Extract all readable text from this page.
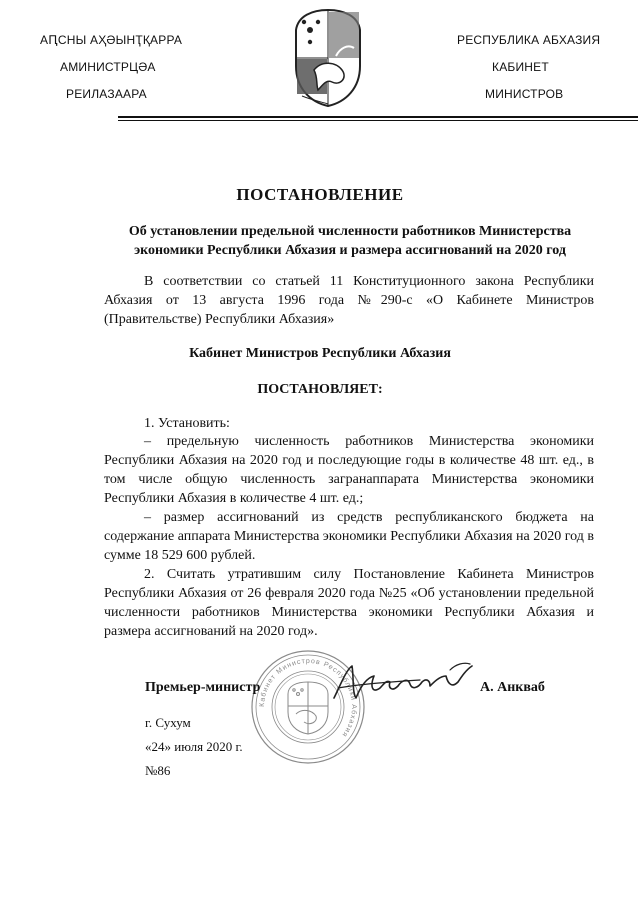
АԤСНЫ АҲӘЫНҬҚАРРА
АМИНИСТРЦӘА
РЕИЛАЗААРА
РЕСПУБЛИКА АБХАЗИЯ
КАБИНЕТ
МИНИСТРОВ
ПОСТАНОВЛЕНИЕ
Об установлении предельной численности работников Министерства
экономики Республики Абхазия и размера ассигнований на 2020 год
В соответствии со статьей 11 Конституционного закона Республики Абхазия от 13 августа 1996 года №290-с «О Кабинете Министров (Правительстве) Республики Абхазия»
Кабинет Министров Республики Абхазия
ПОСТАНОВЛЯЕТ:
1. Установить:
– предельную численность работников Министерства экономики Республики Абхазия на 2020 год и последующие годы в количестве 48 шт. ед., в том числе общую численность загранаппарата Министерства экономики Республики Абхазия в количестве 4 шт. ед.;
– размер ассигнований из средств республиканского бюджета на содержание аппарата Министерства экономики Республики Абхазия на 2020 год в сумме 18 529 600 рублей.
2. Считать утратившим силу Постановление Кабинета Министров Республики Абхазия от 26 февраля 2020 года №25 «Об установлении предельной численности работников Министерства экономики Республики Абхазия и размера ассигнований на 2020 год».
Кабинет Министров Республики Абхазия
Премьер-министр	А. Анкваб
г. Сухум
«24» июля 2020 г.
№86
